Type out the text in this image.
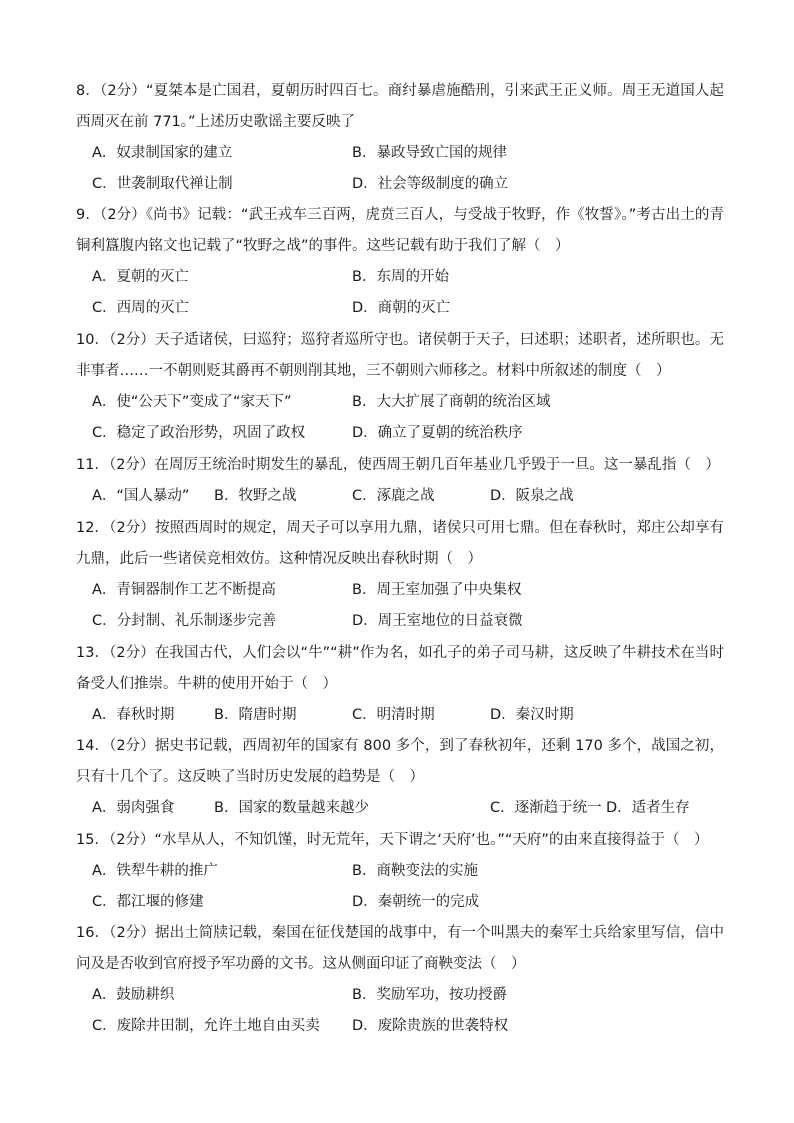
8．（2分）“夏桀本是亡国君，夏朝历时四百七。商纣暴虐施酷刑，引来武王正义师。周王无道国人起西周灭在前 771。”上述历史歌谣主要反映了

A．奴隶制国家的建立	B．暴政导致亡国的规律
C．世袭制取代禅让制	D．社会等级制度的确立

9．（2分）《尚书》记载：“武王戎车三百两，虎贲三百人，与受战于牧野，作《牧誓》。”考古出土的青铜利簋腹内铭文也记载了“牧野之战”的事件。这些记载有助于我们了解（　）

A．夏朝的灭亡	B．东周的开始
C．西周的灭亡	D．商朝的灭亡

10．（2分）天子适诸侯，曰巡狩；巡狩者巡所守也。诸侯朝于天子，曰述职；述职者，述所职也。无非事者……一不朝则贬其爵再不朝则削其地，三不朝则六师移之。材料中所叙述的制度（　）

A．使“公天下”变成了“家天下”	B．大大扩展了商朝的统治区域
C．稳定了政治形势，巩固了政权	D．确立了夏朝的统治秩序

11．（2分）在周厉王统治时期发生的暴乱，使西周王朝几百年基业几乎毁于一旦。这一暴乱指（　）

A．“国人暴动” B．牧野之战	C．涿鹿之战	D．阪泉之战

12．（2分）按照西周时的规定，周天子可以享用九鼎，诸侯只可用七鼎。但在春秋时，郑庄公却享有九鼎，此后一些诸侯竞相效仿。这种情况反映出春秋时期（　）

A．青铜器制作工艺不断提高	B．周王室加强了中央集权
C．分封制、礼乐制逐步完善	D．周王室地位的日益衰微

13．（2分）在我国古代，人们会以“牛”“耕”作为名，如孔子的弟子司马耕，这反映了牛耕技术在当时备受人们推崇。牛耕的使用开始于（　）

A．春秋时期	B．隋唐时期	C．明清时期	D．秦汉时期

14．（2分）据史书记载，西周初年的国家有 800 多个，到了春秋初年，还剩 170 多个，战国之初，只有十几个了。这反映了当时历史发展的趋势是（　）

A．弱肉强食	B．国家的数量越来越少	C．逐渐趋于统一 D．适者生存

15．（2分）“水旱从人，不知饥馑，时无荒年，天下谓之‘天府’也。”“天府”的由来直接得益于（　）

A．铁犁牛耕的推广	B．商鞅变法的实施
C．都江堰的修建	D．秦朝统一的完成

16．（2分）据出土简牍记载，秦国在征伐楚国的战事中，有一个叫黑夫的秦军士兵给家里写信，信中问及是否收到官府授予军功爵的文书。这从侧面印证了商鞅变法（　）

A．鼓励耕织	B．奖励军功，按功授爵
C．废除井田制，允许土地自由买卖 D．废除贵族的世袭特权
